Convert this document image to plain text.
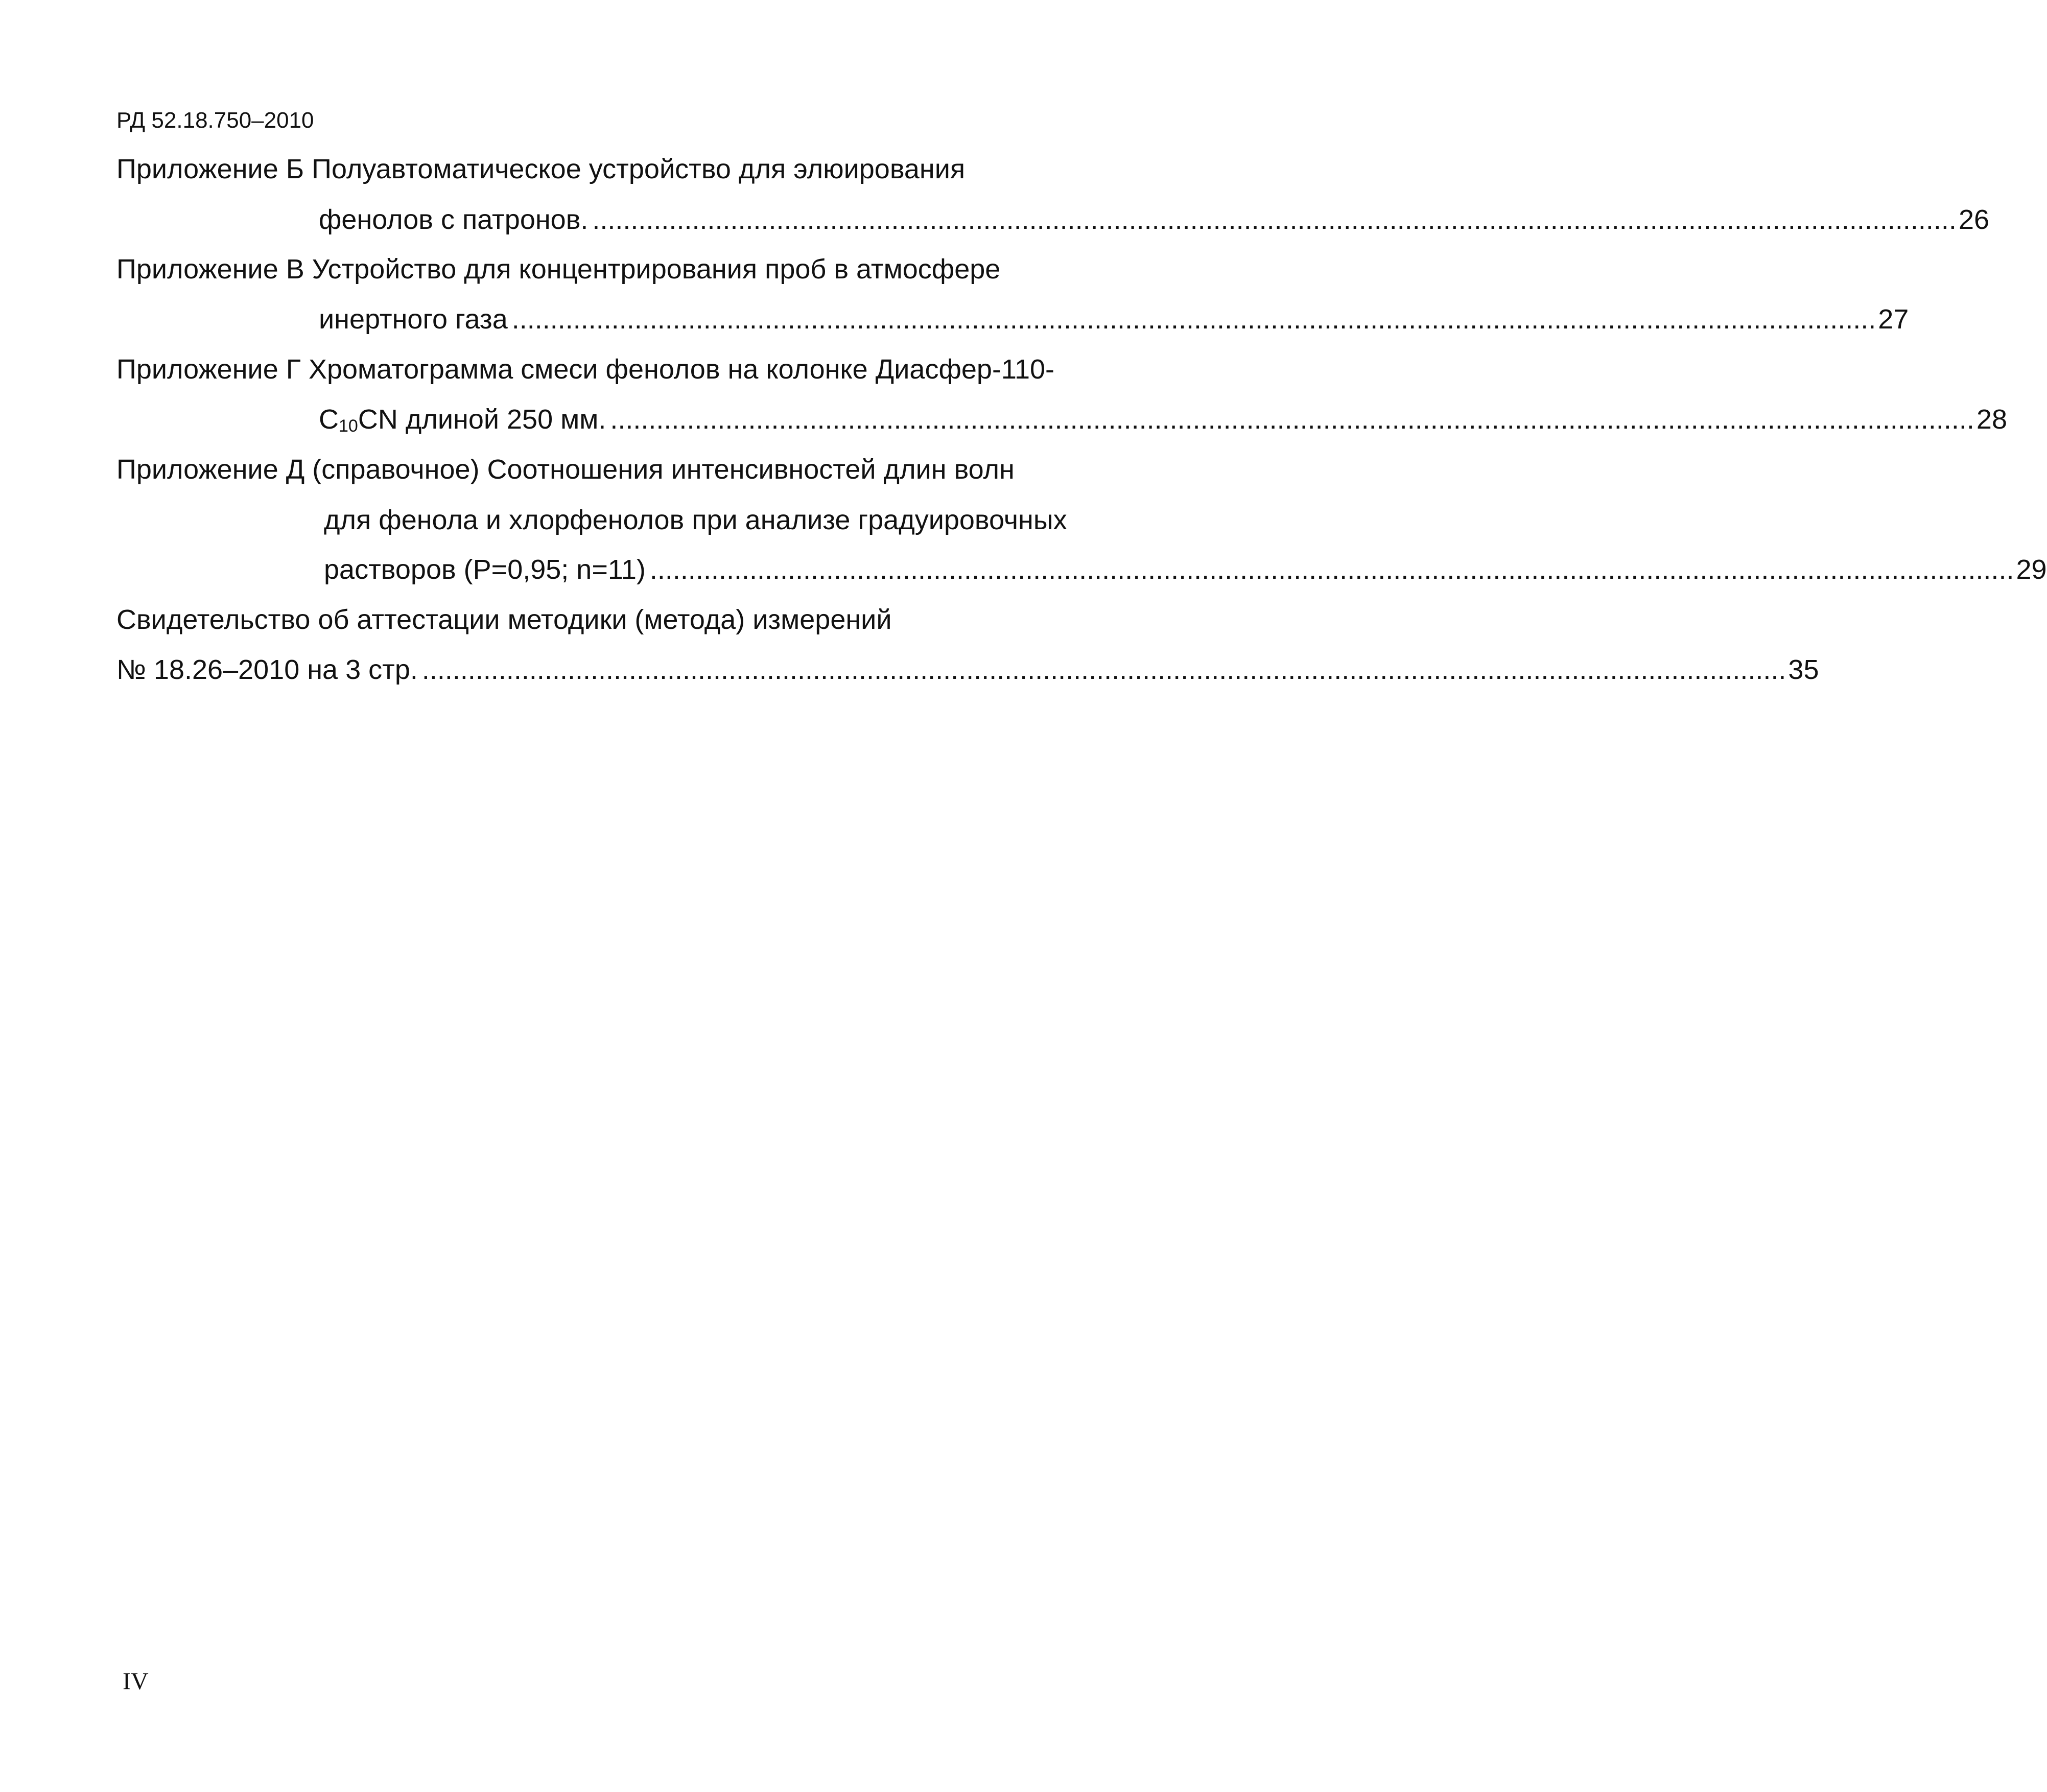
РД 52.18.750–2010
Приложение Б Полуавтоматическое устройство для элюирования
фенолов с патронов. .................................................................................................................................................................................. 26
Приложение В Устройство для концентрирования проб в атмосфере
инертного газа .................................................................................................................................................................................. 27
Приложение Г Хроматограмма смеси фенолов на колонке Диасфер-110-
$C_{10}CN$ длиной 250 мм. .................................................................................................................................................................................. 28
Приложение Д (справочное) Соотношения интенсивностей длин волн
для фенола и хлорфенолов при анализе градуировочных
растворов (Р=0,95; n=11) .................................................................................................................................................................................. 29
Свидетельство об аттестации методики (метода) измерений
№ 18.26–2010 на 3 стр. .................................................................................................................................................................................. 35
IV
